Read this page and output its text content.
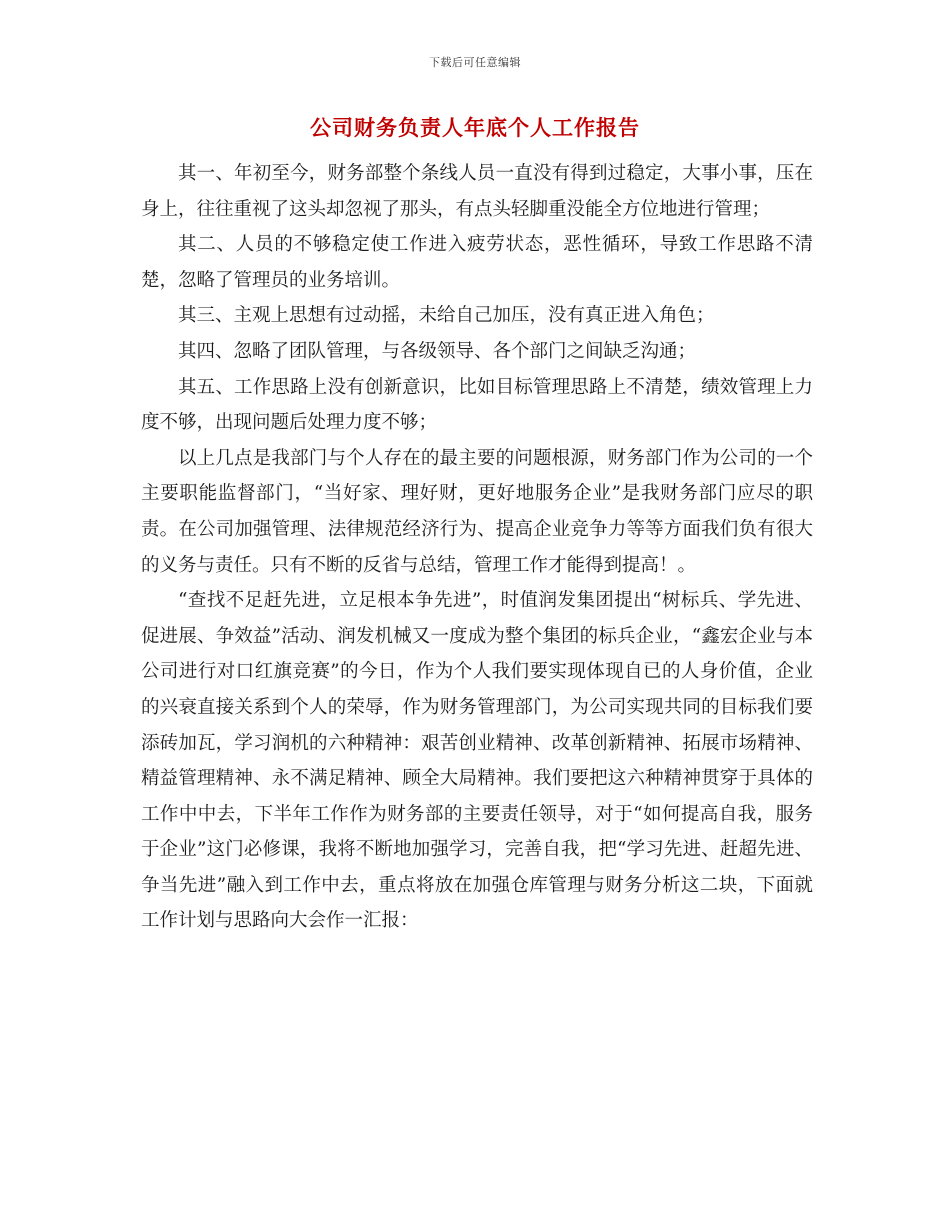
下载后可任意编辑
公司财务负责人年底个人工作报告

其一、年初至今，财务部整个条线人员一直没有得到过稳定，大事小事，压在身上，往往重视了这头却忽视了那头，有点头轻脚重没能全方位地进行管理；

其二、人员的不够稳定使工作进入疲劳状态，恶性循环，导致工作思路不清楚，忽略了管理员的业务培训。

其三、主观上思想有过动摇，未给自己加压，没有真正进入角色；

其四、忽略了团队管理，与各级领导、各个部门之间缺乏沟通；

其五、工作思路上没有创新意识，比如目标管理思路上不清楚，绩效管理上力度不够，出现问题后处理力度不够；

以上几点是我部门与个人存在的最主要的问题根源，财务部门作为公司的一个主要职能监督部门，“当好家、理好财，更好地服务企业”是我财务部门应尽的职责。在公司加强管理、法律规范经济行为、提高企业竞争力等等方面我们负有很大的义务与责任。只有不断的反省与总结，管理工作才能得到提高！。

“查找不足赶先进，立足根本争先进”，时值润发集团提出“树标兵、学先进、促进展、争效益”活动、润发机械又一度成为整个集团的标兵企业，“鑫宏企业与本公司进行对口红旗竞赛”的今日，作为个人我们要实现体现自已的人身价值，企业的兴衰直接关系到个人的荣辱，作为财务管理部门，为公司实现共同的目标我们要添砖加瓦，学习润机的六种精神：艰苦创业精神、改革创新精神、拓展市场精神、精益管理精神、永不满足精神、顾全大局精神。我们要把这六种精神贯穿于具体的工作中中去，下半年工作作为财务部的主要责任领导，对于“如何提高自我，服务于企业”这门必修课，我将不断地加强学习，完善自我，把“学习先进、赶超先进、争当先进”融入到工作中去，重点将放在加强仓库管理与财务分析这二块，下面就工作计划与思路向大会作一汇报：
